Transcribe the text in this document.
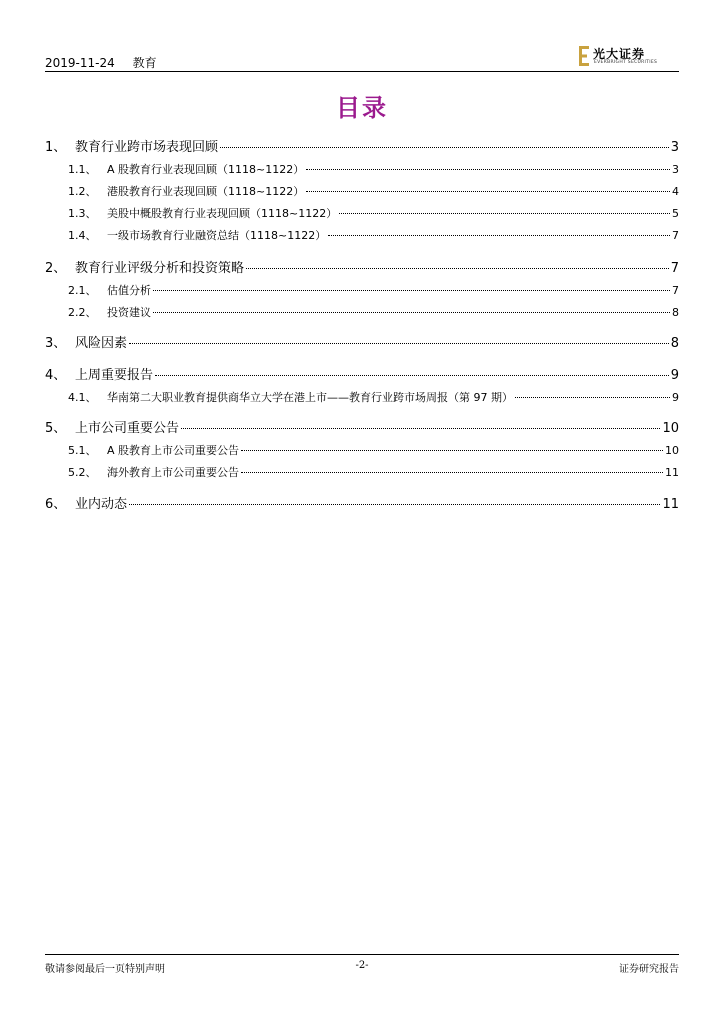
2019-11-24 教育
光大证券
EVERBRIGHT SECURITIES
目录
1、 教育行业跨市场表现回顾	3
1.1、 A 股教育行业表现回顾（1118~1122）	3
1.2、 港股教育行业表现回顾（1118~1122）	4
1.3、 美股中概股教育行业表现回顾（1118~1122）	5
1.4、 一级市场教育行业融资总结（1118~1122）	7
2、 教育行业评级分析和投资策略	7
2.1、 估值分析	7
2.2、 投资建议	8
3、 风险因素	8
4、 上周重要报告	9
4.1、 华南第二大职业教育提供商华立大学在港上市——教育行业跨市场周报（第 97 期）	9
5、 上市公司重要公告	10
5.1、 A 股教育上市公司重要公告	10
5.2、 海外教育上市公司重要公告	11
6、 业内动态	11
敬请参阅最后一页特别声明	-2-	证券研究报告
